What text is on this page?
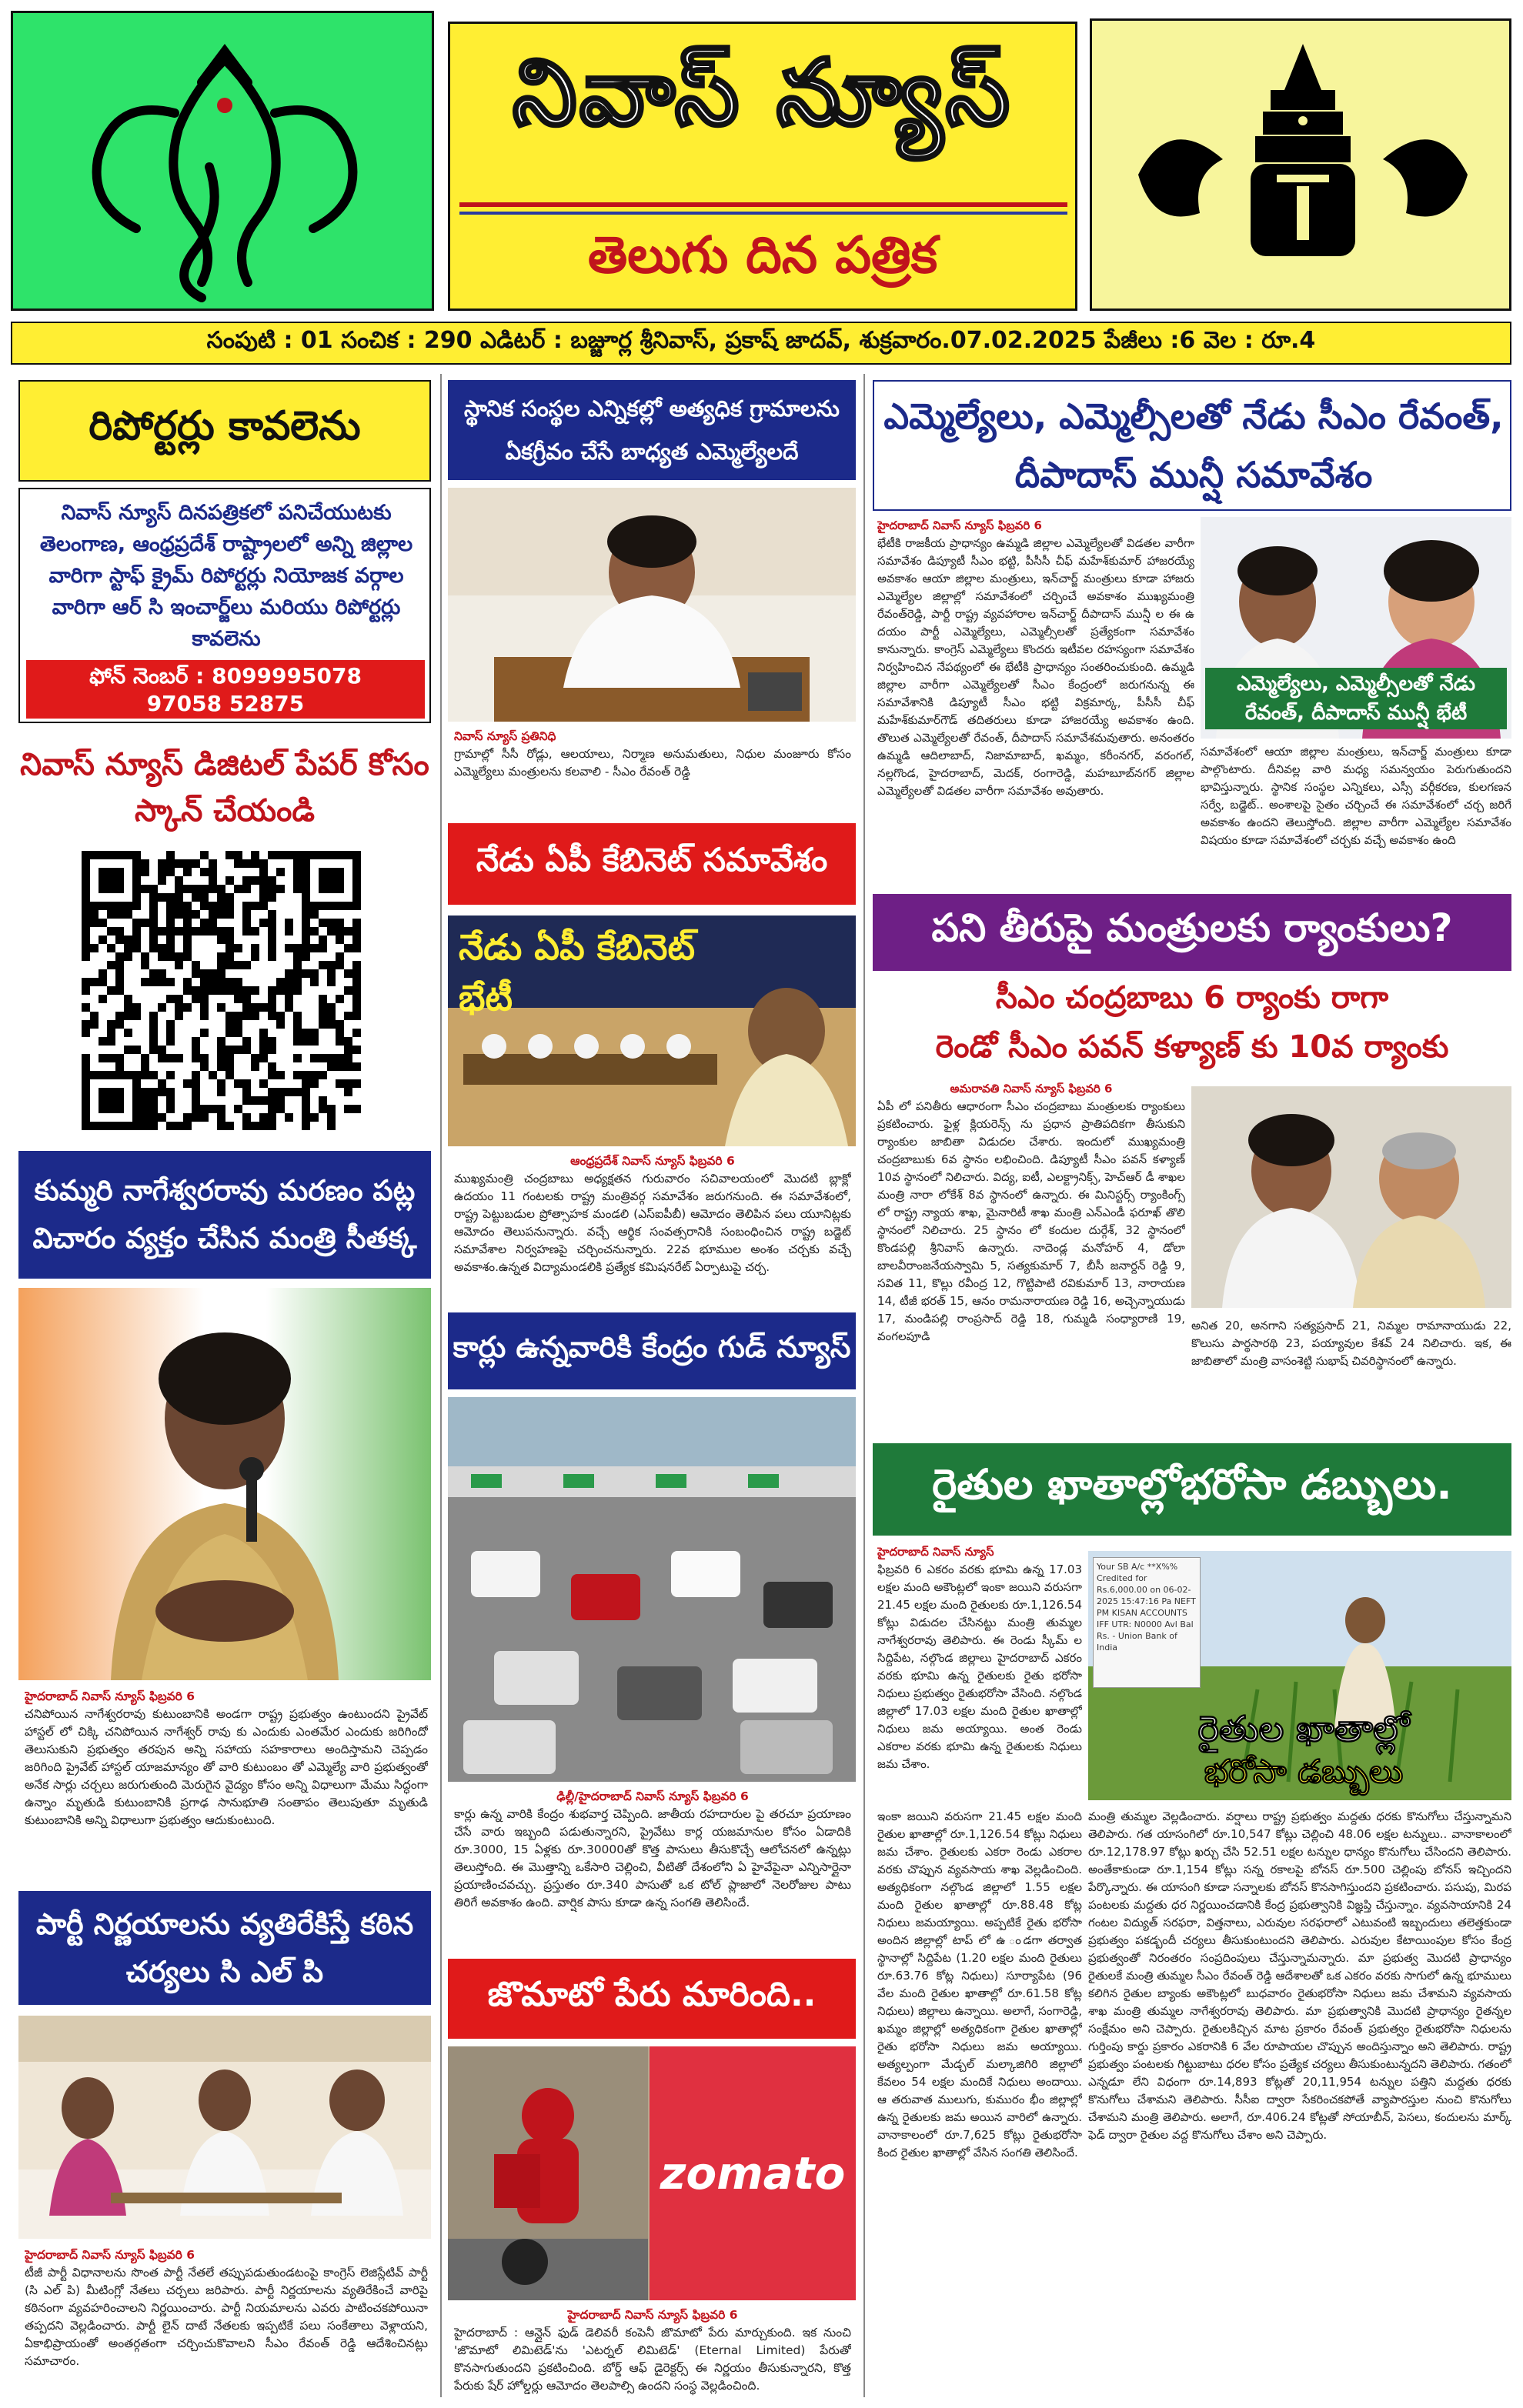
నివాస్ న్యూస్
తెలుగు దిన పత్రిక
సంపుటి : 01 సంచిక : 290 ఎడిటర్ : బజ్జూర్ల శ్రీనివాస్, ప్రకాష్ జాదవ్, శుక్రవారం.07.02.2025 పేజీలు :6 వెల : రూ.4
రిపోర్టర్లు కావలెను
నివాస్ న్యూస్ దినపత్రికలో పనిచేయుటకు తెలంగాణ, ఆంధ్రప్రదేశ్ రాష్ట్రాలలో అన్ని జిల్లాల వారిగా స్టాఫ్ క్రైమ్ రిపోర్టర్లు నియోజక వర్గాల వారిగా ఆర్ సి ఇంచార్జ్‌లు మరియు రిపోర్టర్లు కావలెను
ఫోన్ నెంబర్ : 8099995078
97058 52875
నివాస్ న్యూస్ డిజిటల్ పేపర్ కోసం స్కాన్ చేయండి
కుమ్మరి నాగేశ్వరరావు మరణం పట్ల విచారం వ్యక్తం చేసిన మంత్రి సీతక్క
హైదరాబాద్ నివాస్ న్యూస్ ఫిబ్రవరి 6
చనిపోయిన నాగేశ్వరరావు కుటుంబానికి అండగా రాష్ట్ర ప్రభుత్వం ఉంటుందని ప్రైవేట్ హాస్టల్ లో చిక్కి చనిపోయిన నాగేశ్వర్ రావు కు ఎందుకు ఎంతమేర ఎందుకు జరిగిందో తెలుసుకుని ప్రభుత్వం తరపున అన్ని సహాయ సహకారాలు అందిస్తామని చెప్పడం జరిగింది ప్రైవేట్ హాస్టల్ యాజమాన్యం తో వారి కుటుంబం తో ఎమ్మెల్యే వారి ప్రభుత్వంతో అనేక సార్లు చర్చలు జరుగుతుంది మెరుగైన వైద్యం కోసం అన్ని విధాలుగా మేము సిద్ధంగా ఉన్నాం మృతుడి కుటుంబానికి ప్రగాఢ సానుభూతి సంతాపం తెలుపుతూ మృతుడి కుటుంబానికి అన్ని విధాలుగా ప్రభుత్వం ఆదుకుంటుంది.
పార్టీ నిర్ణయాలను వ్యతిరేకిస్తే కఠిన చర్యలు సి ఎల్ పి
హైదరాబాద్ నివాస్ న్యూస్ ఫిబ్రవరి 6
టీజీ పార్టీ విధానాలను సొంత పార్టీ నేతలే తప్పుపడుతుండటంపై కాంగ్రెస్ లెజిస్లేటివ్ పార్టీ (సి ఎల్ పి) మీటింగ్లో నేతలు చర్చలు జరిపారు. పార్టీ నిర్ణయాలను వ్యతిరేకించే వారిపై కఠినంగా వ్యవహరించాలని నిర్ణయించారు. పార్టీ నియమాలను ఎవరు పాటించకపోయినా తప్పదని వెల్లడించారు. పార్టీ లైన్ దాటే నేతలకు ఇప్పటికే పలు సంకేతాలు వెళ్లాయని, ఏకాభిప్రాయంతో అంతర్గతంగా చర్చించుకొవాలని సీఎం రేవంత్ రెడ్డి ఆదేశించినట్లు సమాచారం.
స్థానిక సంస్థల ఎన్నికల్లో అత్యధిక గ్రామాలను ఏకగ్రీవం చేసే బాధ్యత ఎమ్మెల్యేలదే
నివాస్ న్యూస్ ప్రతినిధి
గ్రామాల్లో సీసీ రోడ్లు, ఆలయాలు, నిర్మాణ అనుమతులు, నిధుల మంజూరు కోసం ఎమ్మెల్యేలు మంత్రులను కలవాలి - సీఎం రేవంత్ రెడ్డి
నేడు ఏపీ కేబినెట్ సమావేశం
నేడు ఏపీ కేబినెట్ భేటీ
ఆంధ్రప్రదేశ్ నివాస్ న్యూస్ ఫిబ్రవరి 6
ముఖ్యమంత్రి చంద్రబాబు అధ్యక్షతన గురువారం సచివాలయంలో మొదటి బ్లాక్లో ఉదయం 11 గంటలకు రాష్ట్ర మంత్రివర్గ సమావేశం జరుగనుంది. ఈ సమావేశంలో, రాష్ట్ర పెట్టుబడుల ప్రోత్సాహక మండలి (ఎస్ఐపీబీ) ఆమోదం తెలిపిన పలు యూనిట్లకు ఆమోదం తెలుపనున్నారు. వచ్చే ఆర్థిక సంవత్సరానికి సంబంధించిన రాష్ట్ర బడ్జెట్ సమావేశాల నిర్వహణపై చర్చించనున్నారు. 22వ భూముల అంశం చర్చకు వచ్చే అవకాశం.ఉన్నత విద్యామండలికి ప్రత్యేక కమిషనరేట్ ఏర్పాటుపై చర్చ.
కార్లు ఉన్నవారికి కేంద్రం గుడ్ న్యూస్
ఢిల్లీ/హైదరాబాద్ నివాస్ న్యూస్ ఫిబ్రవరి 6
కార్లు ఉన్న వారికి కేంద్రం శుభవార్త చెప్పింది. జాతీయ రహదారుల పై తరచూ ప్రయాణం చేసే వారు ఇబ్బంది పడుతున్నారని, ప్రైవేటు కార్ల యజమానుల కోసం ఏడాదికి రూ.3000, 15 ఏళ్లకు రూ.30000తో కొత్త పాసులు తీసుకొచ్చే ఆలోచనలో ఉన్నట్లు తెలుస్తోంది. ఈ మొత్తాన్ని ఒకేసారి చెల్లించి, వీటితో దేశంలోని ఏ హైవేపైనా ఎన్నిసార్లైనా ప్రయాణించవచ్చు. ప్రస్తుతం రూ.340 పాసుతో ఒక టోల్ ప్లాజాలో నెలరోజుల పాటు తిరిగే అవకాశం ఉంది. వార్షిక పాసు కూడా ఉన్న సంగతి తెలిసిందే.
జొమాటో పేరు మారింది..
zomato
హైదరాబాద్ నివాస్ న్యూస్ ఫిబ్రవరి 6
హైదరాబాద్ : ఆన్లైన్ ఫుడ్ డెలివరీ కంపెనీ జొమాటో పేరు మార్చుకుంది. ఇక నుంచి 'జొమాటో లిమిటెడ్'ను 'ఎటర్నల్ లిమిటెడ్' (Eternal Limited) పేరుతో కొనసాగుతుందని ప్రకటించింది. బోర్డ్ ఆఫ్ డైరెక్టర్స్ ఈ నిర్ణయం తీసుకున్నారని, కొత్త పేరుకు షేర్ హోల్డర్లు ఆమోదం తెలపాల్సి ఉందని సంస్థ వెల్లడించింది.
ఎమ్మెల్యేలు, ఎమ్మెల్సీలతో నేడు సీఎం రేవంత్, దీపాదాస్ మున్షీ సమావేశం
హైదరాబాద్ నివాస్ న్యూస్ ఫిబ్రవరి 6
భేటీకి రాజకీయ ప్రాధాన్యం ఉమ్మడి జిల్లాల ఎమ్మెల్యేలతో విడతల వారీగా సమావేశం డిప్యూటీ సీఎం భట్టి, పీసీసీ చీఫ్ మహేశ్‌కుమార్ హాజరయ్యే అవకాశం ఆయా జిల్లాల మంత్రులు, ఇన్‌చార్జ్ మంత్రులు కూడా హాజరు ఎమ్మెల్యేల జిల్లాల్లో సమావేశంలో చర్చించే అవకాశం ముఖ్యమంత్రి రేవంత్‌రెడ్డి, పార్టీ రాష్ట్ర వ్యవహారాల ఇన్‌చార్జ్ దీపాదాస్ మున్షీ ల ఈ ఉ దయం పార్టీ ఎమ్మెల్యేలు, ఎమ్మెల్సీలతో ప్రత్యేకంగా సమావేశం కానున్నారు. కాంగ్రెస్ ఎమ్మెల్యేలు కొందరు ఇటీవల రహస్యంగా సమావేశం నిర్వహించిన నేపథ్యంలో ఈ భేటీకి ప్రాధాన్యం సంతరించుకుంది. ఉమ్మడి జిల్లాల వారీగా ఎమ్మెల్యేలతో సీఎం కేంద్రంలో జరుగనున్న ఈ సమావేశానికి డిప్యూటీ సీఎం భట్టి విక్రమార్క, పీసీసీ చీఫ్ మహేశ్‌కుమార్‌గౌడ్ తదితరులు కూడా హాజరయ్యే అవకాశం ఉంది. తొలుత ఎమ్మెల్యేలతో రేవంత్, దీపాదాస్ సమావేశమవుతారు. అనంతరం ఉమ్మడి ఆదిలాబాద్, నిజామాబాద్, ఖమ్మం, కరీంనగర్, వరంగల్, నల్లగొండ, హైదరాబాద్, మెదక్, రంగారెడ్డి, మహబూబ్‌నగర్ జిల్లాల ఎమ్మెల్యేలతో విడతల వారీగా సమావేశం అవుతారు.
ఎమ్మెల్యేలు, ఎమ్మెల్సీలతో నేడు రేవంత్, దీపాదాస్ మున్షీ భేటీ
సమావేశంలో ఆయా జిల్లాల మంత్రులు, ఇన్‌చార్జ్ మంత్రులు కూడా పాల్గొంటారు. దీనివల్ల వారి మధ్య సమన్వయం పెరుగుతుందని భావిస్తున్నారు. స్థానిక సంస్థల ఎన్నికలు, ఎస్సీ వర్గీకరణ, కులగణన సర్వే, బడ్జెట్.. అంశాలపై సైతం చర్చించే ఈ సమావేశంలో చర్చ జరిగే అవకాశం ఉందని తెలుస్తోంది. జిల్లాల వారీగా ఎమ్మెల్యేల సమావేశం విషయం కూడా సమావేశంలో చర్చకు వచ్చే అవకాశం ఉంది
పని తీరుపై మంత్రులకు ర్యాంకులు?
సీఎం చంద్రబాబు 6 ర్యాంకు రాగా
రెండో సీఎం పవన్ కళ్యాణ్ కు 10వ ర్యాంకు
అమరావతి నివాస్ న్యూస్ ఫిబ్రవరి 6
ఏపీ లో పనితీరు ఆధారంగా సీఎం చంద్రబాబు మంత్రులకు ర్యాంకులు ప్రకటించారు. ఫైళ్ల క్లియరెన్స్ ను ప్రధాన ప్రాతిపదికగా తీసుకుని ర్యాంకుల జాబితా విడుదల చేశారు. ఇందులో ముఖ్యమంత్రి చంద్రబాబుకు 6వ స్థానం లభించింది. డిప్యూటీ సీఎం పవన్ కళ్యాణ్ 10వ స్థానంలో నిలిచారు. విద్య, ఐటీ, ఎలక్ట్రానిక్స్, హెచ్ఆర్ డీ శాఖల మంత్రి నారా లోకేశ్ 8వ స్థానంలో ఉన్నారు. ఈ మినిస్టర్స్ ర్యాంకింగ్స్ లో రాష్ట్ర న్యాయ శాఖ, మైనారిటీ శాఖ మంత్రి ఎన్ఎండీ ఫరూఖ్ తొలి స్థానంలో నిలిచారు. 25 స్థానం లో కందుల దుర్గేశ్, 32 స్థానంలో కొండపల్లి శ్రీనివాస్ ఉన్నారు. నాదెండ్ల మనోహర్ 4, డోలా బాలవీరాంజనేయస్వామి 5, సత్యకుమార్ 7, బీసీ జనార్దన్ రెడ్డి 9, సవిత 11, కొల్లు రవీంద్ర 12, గొట్టిపాటి రవికుమార్ 13, నారాయణ 14, టీజీ భరత్ 15, ఆనం రామనారాయణ రెడ్డి 16, అచ్చెన్నాయుడు 17, మండిపల్లి రాంప్రసాద్ రెడ్డి 18, గుమ్మడి సంధ్యారాణి 19, వంగలపూడి
అనిత 20, అనగాని సత్యప్రసాద్ 21, నిమ్మల రామానాయుడు 22, కొలుసు పార్థసారథి 23, పయ్యావుల కేశవ్ 24 నిలిచారు. ఇక, ఈ జాబితాలో మంత్రి వాసంశెట్టి సుభాష్ చివరిస్థానంలో ఉన్నారు.
రైతుల ఖాతాల్లోభరోసా డబ్బులు.
హైదరాబాద్ నివాస్ న్యూస్
ఫిబ్రవరి 6 ఎకరం వరకు భూమి ఉన్న 17.03 లక్షల మంది అకౌంట్లలో ఇంకా జయిని వరుసగా 21.45 లక్షల మంది రైతులకు రూ.1,126.54 కోట్లు విడుదల చేసినట్టు మంత్రి తుమ్మల నాగేశ్వరరావు తెలిపారు. ఈ రెండు స్కీమ్ ల సిద్దిపేట, నల్గొండ జిల్లాలు హైదరాబాద్ ఎకరం వరకు భూమి ఉన్న రైతులకు రైతు భరోసా నిధులు ప్రభుత్వం రైతుభరోసా వేసింది. నల్గొండ జిల్లాలో 17.03 లక్షల మంది రైతుల ఖాతాల్లో నిధులు జమ అయ్యాయి. అంత రెండు ఎకరాల వరకు భూమి ఉన్న రైతులకు నిధులు జమ చేశాం.
Your SB A/c **X%% Credited for Rs.6,000.00 on 06-02-2025 15:47:16 Pa NEFT PM KISAN ACCOUNTS IFF UTR: N0000 Avl Bal Rs. - Union Bank of India
రైతుల ఖాతాల్లో
భరోసా డబ్బులు
ఇంకా జయిని వరుసగా 21.45 లక్షల మంది రైతుల ఖాతాల్లో రూ.1,126.54 కోట్లు నిధులు జమ చేశాం. రైతులకు ఎకరా రెండు ఎకరాల వరకు చొప్పున వ్యవసాయ శాఖ వెల్లడించింది. అత్యధికంగా నల్గొండ జిల్లాలో 1.55 లక్షల మంది రైతుల ఖాతాల్లో రూ.88.48 కోట్ల నిధులు జమయ్యాయి. అప్పటికే రైతు భరోసా అందిన జిల్లాల్లో టాప్ లో ఉ ండగా తర్వాత స్థానాల్లో సిద్దిపేట (1.20 లక్షల మంది రైతులు రూ.63.76 కోట్ల నిధులు) సూర్యాపేట (96 వేల మంది రైతుల ఖాతాల్లో రూ.61.58 కోట్ల నిధులు) జిల్లాలు ఉన్నాయి. అలాగే, సంగారెడ్డి, ఖమ్మం జిల్లాల్లో అత్యధికంగా రైతుల ఖాతాల్లో రైతు భరోసా నిధులు జమ అయ్యాయి. అత్యల్పంగా మేడ్చల్ మల్కాజిగిరి జిల్లాలో కేవలం 54 లక్షల మందికే నిధులు అందాయి. ఆ తరువాత ములుగు, కుమురం భీం జిల్లాల్లో ఉన్న రైతులకు జమ అయిన వారిలో ఉన్నారు. వానాకాలంలో రూ.7,625 కోట్లు రైతుభరోసా కింద రైతుల ఖాతాల్లో వేసిన సంగతి తెలిసిందే.
మంత్రి తుమ్మల వెల్లడించారు. వర్షాలు రాష్ట్ర ప్రభుత్వం మద్దతు ధరకు కొనుగోలు చేస్తున్నామని తెలిపారు. గత యాసంగిలో రూ.10,547 కోట్లు చెల్లించి 48.06 లక్షల టన్నులు.. వానాకాలంలో రూ.12,178.97 కోట్లు ఖర్చు చేసి 52.51 లక్షల టన్నుల ధాన్యం కొనుగోలు చేసిందని తెలిపారు. అంతేకాకుండా రూ.1,154 కోట్లు సన్న రకాలపై బోనస్ రూ.500 చెల్లింపు బోనస్ ఇచ్చిందని పేర్కొన్నారు. ఈ యాసంగి కూడా సన్నాలకు బోనస్ కొనసాగిస్తుందని ప్రకటించారు. పసుపు, మిరప పంటలకు మద్దతు ధర నిర్ణయించడానికి కేంద్ర ప్రభుత్వానికి విజ్ఞప్తి చేస్తున్నాం. వ్యవసాయానికి 24 గంటల విద్యుత్ సరఫరా, విత్తనాలు, ఎరువుల సరఫరాలో ఎటువంటి ఇబ్బందులు తలెత్తకుండా ప్రభుత్వం పకడ్బందీ చర్యలు తీసుకుంటుందని తెలిపారు. ఎరువుల కేటాయింపుల కోసం కేంద్ర ప్రభుత్వంతో నిరంతరం సంప్రదింపులు చేస్తున్నామన్నారు. మా ప్రభుత్వ మొదటి ప్రాధాన్యం రైతులకే మంత్రి తుమ్మల సీఎం రేవంత్ రెడ్డి ఆదేశాలతో ఒక ఎకరం వరకు సాగులో ఉన్న భూములు కలిగిన రైతుల బ్యాంకు అకౌంట్లలో బుధవారం రైతుభరోసా నిధులు జమ చేశామని వ్యవసాయ శాఖ మంత్రి తుమ్మల నాగేశ్వరరావు తెలిపారు. మా ప్రభుత్వానికి మొదటి ప్రాధాన్యం రైతన్నల సంక్షేమం అని చెప్పారు. రైతులకిచ్చిన మాట ప్రకారం రేవంత్ ప్రభుత్వం రైతుభరోసా నిధులను గుర్తింపు కార్డు ప్రకారం ఎకరానికి 6 వేల రూపాయల చొప్పున అందిస్తున్నాం అని తెలిపారు. రాష్ట్ర ప్రభుత్వం పంటలకు గిట్టుబాటు ధరల కోసం ప్రత్యేక చర్యలు తీసుకుంటున్నదని తెలిపారు. గతంలో ఎన్నడూ లేని విధంగా రూ.14,893 కోట్లతో 20,11,954 టన్నుల పత్తిని మద్దతు ధరకు కొనుగోలు చేశామని తెలిపారు. సీసీఐ ద్వారా సేకరించకపోతే వ్యాపారస్తుల నుంచి కొనుగోలు చేశామని మంత్రి తెలిపారు. అలాగే, రూ.406.24 కోట్లతో సోయాబీన్, పెసలు, కందులను మార్క్ ఫెడ్ ద్వారా రైతుల వద్ద కొనుగోలు చేశాం అని చెప్పారు.
